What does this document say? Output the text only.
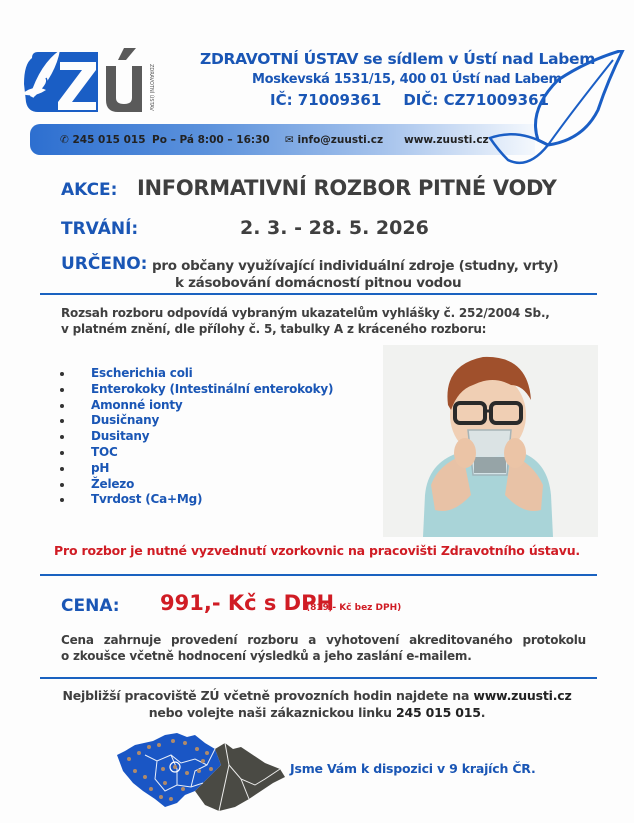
ZDRAVOTNÍ ÚSTAV
ZDRAVOTNÍ ÚSTAV se sídlem v Ústí nad Labem
Moskevská 1531/15, 400 01 Ústí nad Labem
IČ: 71009361 DIČ: CZ71009361
✆ 245 015 015 Po – Pá 8:00 – 16:30 ✉ info@zuusti.cz www.zuusti.cz
AKCE: INFORMATIVNÍ ROZBOR PITNÉ VODY
TRVÁNÍ:	2. 3. - 28. 5. 2026
URČENO: pro občany využívající individuální zdroje (studny, vrty)
k zásobování domácností pitnou vodou
Rozsah rozboru odpovídá vybraným ukazatelům vyhlášky č. 252/2004 Sb.,
v platném znění, dle přílohy č. 5, tabulky A z kráceného rozboru:
Escherichia coli
Enterokoky (Intestinální enterokoky)
Amonné ionty
Dusičnany
Dusitany
TOC
pH
Železo
Tvrdost (Ca+Mg)
Pro rozbor je nutné vyzvednutí vzorkovnic na pracovišti Zdravotního ústavu.
CENA: 991,- Kč s DPH
(819,- Kč bez DPH)
Cena zahrnuje provedení rozboru a vyhotovení akreditovaného protokolu
o zkoušce včetně hodnocení výsledků a jeho zaslání e-mailem.
Nejbližší pracoviště ZÚ včetně provozních hodin najdete na www.zuusti.cz
nebo volejte naši zákaznickou linku 245 015 015.
Jsme Vám k dispozici v 9 krajích ČR.
